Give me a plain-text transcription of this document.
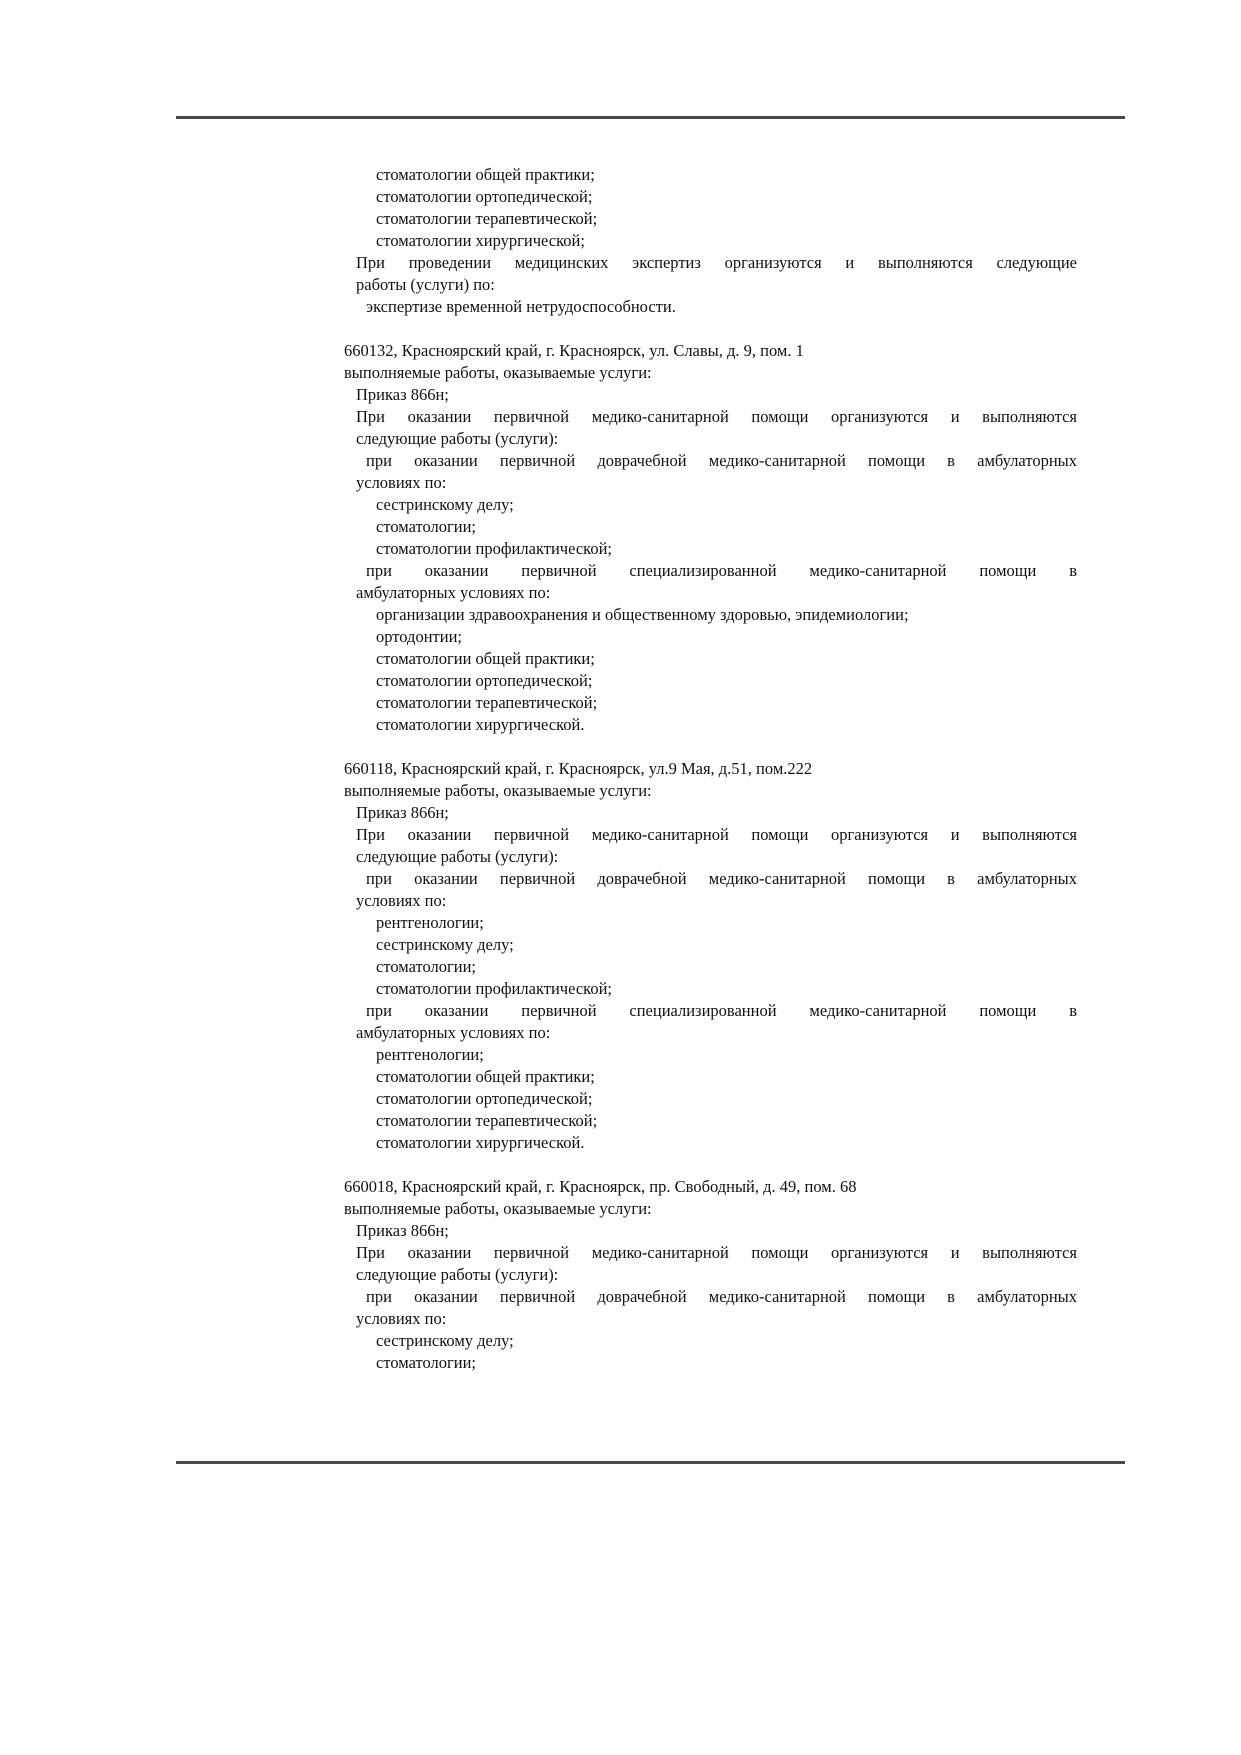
стоматологии общей практики;
стоматологии ортопедической;
стоматологии терапевтической;
стоматологии хирургической;
При проведении медицинских экспертиз организуются и выполняются следующие
работы (услуги) по:
экспертизе временной нетрудоспособности.
660132, Красноярский край, г. Красноярск, ул. Славы, д. 9, пом. 1
выполняемые работы, оказываемые услуги:
Приказ 866н;
При оказании первичной медико-санитарной помощи организуются и выполняются
следующие работы (услуги):
при оказании первичной доврачебной медико-санитарной помощи в амбулаторных
условиях по:
сестринскому делу;
стоматологии;
стоматологии профилактической;
при оказании первичной специализированной медико-санитарной помощи в
амбулаторных условиях по:
организации здравоохранения и общественному здоровью, эпидемиологии;
ортодонтии;
стоматологии общей практики;
стоматологии ортопедической;
стоматологии терапевтической;
стоматологии хирургической.
660118, Красноярский край, г. Красноярск, ул.9 Мая, д.51, пом.222
выполняемые работы, оказываемые услуги:
Приказ 866н;
При оказании первичной медико-санитарной помощи организуются и выполняются
следующие работы (услуги):
при оказании первичной доврачебной медико-санитарной помощи в амбулаторных
условиях по:
рентгенологии;
сестринскому делу;
стоматологии;
стоматологии профилактической;
при оказании первичной специализированной медико-санитарной помощи в
амбулаторных условиях по:
рентгенологии;
стоматологии общей практики;
стоматологии ортопедической;
стоматологии терапевтической;
стоматологии хирургической.
660018, Красноярский край, г. Красноярск, пр. Свободный, д. 49, пом. 68
выполняемые работы, оказываемые услуги:
Приказ 866н;
При оказании первичной медико-санитарной помощи организуются и выполняются
следующие работы (услуги):
при оказании первичной доврачебной медико-санитарной помощи в амбулаторных
условиях по:
сестринскому делу;
стоматологии;
